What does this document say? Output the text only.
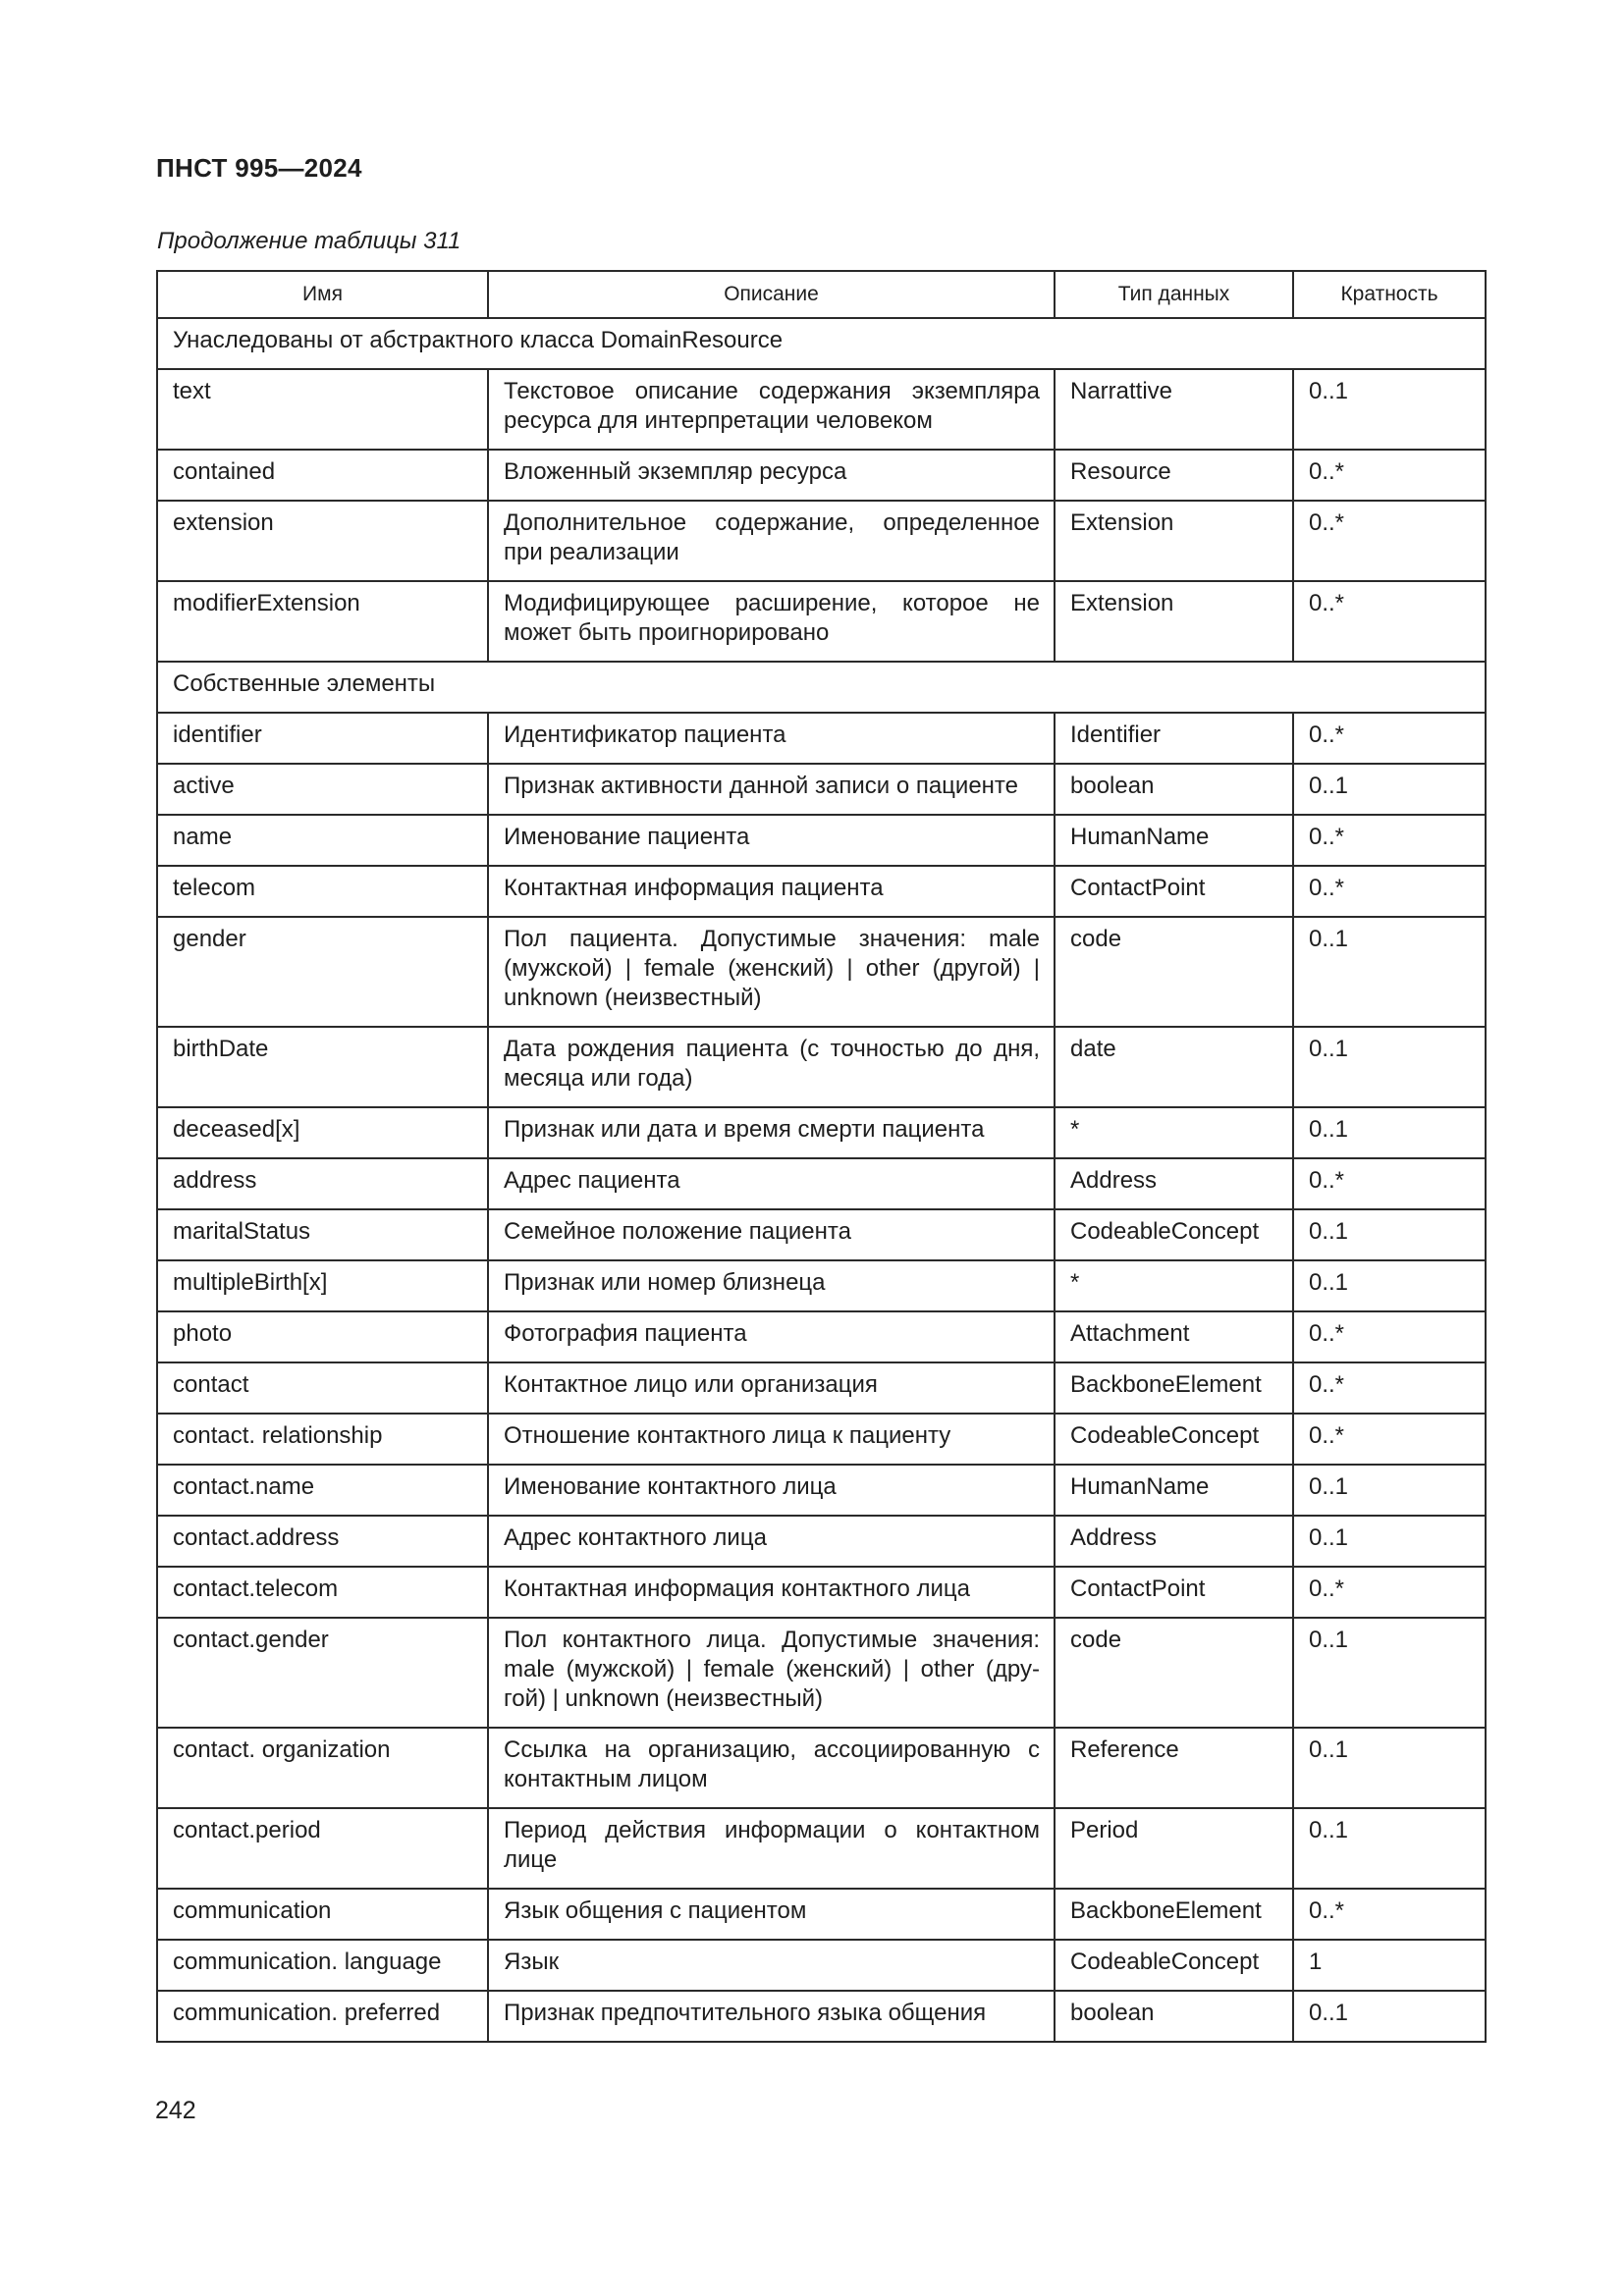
ПНСТ 995—2024
Продолжение таблицы 311
Имя	Описание	Тип данных	Кратность
Унаследованы от абстрактного класса DomainResource			
text	Текстовое описание содержания экземпляра ресурса для интерпретации человеком	Narrattive	0..1
contained	Вложенный экземпляр ресурса	Resource	0..*
extension	Дополнительное содержание, определенное при реализации	Extension	0..*
modifierExtension	Модифицирующее расширение, которое не может быть проигнорировано	Extension	0..*
Собственные элементы			
identifier	Идентификатор пациента	Identifier	0..*
active	Признак активности данной записи о пациенте	boolean	0..1
name	Именование пациента	HumanName	0..*
telecom	Контактная информация пациента	ContactPoint	0..*
gender	Пол пациента. Допустимые значения: male (мужской) | female (женский) | other (другой) | unknown (неизвестный)	code	0..1
birthDate	Дата рождения пациента (с точностью до дня, месяца или года)	date	0..1
deceased[x]	Признак или дата и время смерти пациента	*	0..1
address	Адрес пациента	Address	0..*
maritalStatus	Семейное положение пациента	CodeableConcept	0..1
multipleBirth[x]	Признак или номер близнеца	*	0..1
photo	Фотография пациента	Attachment	0..*
contact	Контактное лицо или организация	BackboneElement	0..*
contact. relationship	Отношение контактного лица к пациенту	CodeableConcept	0..*
contact.name	Именование контактного лица	HumanName	0..1
contact.address	Адрес контактного лица	Address	0..1
contact.telecom	Контактная информация контактного лица	ContactPoint	0..*
contact.gender	Пол контактного лица. Допустимые значения: male (мужской) | female (женский) | other (дру-гой) | unknown (неизвестный)	code	0..1
contact. organization	Ссылка на организацию, ассоциированную с контактным лицом	Reference	0..1
contact.period	Период действия информации о контактном лице	Period	0..1
communication	Язык общения с пациентом	BackboneElement	0..*
communication. language	Язык	CodeableConcept	1
communication. preferred	Признак предпочтительного языка общения	boolean	0..1
242
